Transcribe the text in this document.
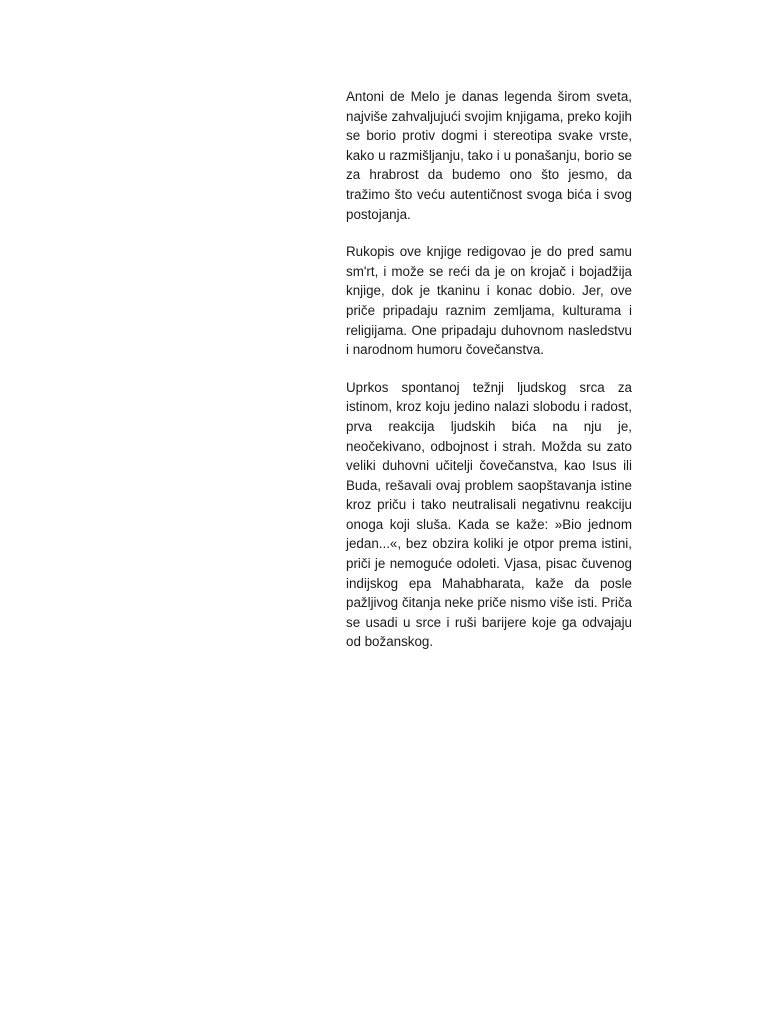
Antoni de Melo je danas legenda širom sveta, najviše zahvaljujući svojim knjigama, preko kojih se borio protiv dogmi i stereotipa svake vrste, kako u razmišljanju, tako i u ponašanju, borio se za hrabrost da budemo ono što jesmo, da tražimo što veću autentičnost svoga bića i svog postojanja.

Rukopis ove knjige redigovao je do pred samu sm'rt, i može se reći da je on krojač i bojadžija knjige, dok je tkaninu i konac dobio. Jer, ove priče pripadaju raznim zemljama, kulturama i religijama. One pripadaju duhovnom nasledstvu i narodnom humoru čovečanstva.

Uprkos spontanoj težnji ljudskog srca za istinom, kroz koju jedino nalazi slobodu i radost, prva reakcija ljudskih bića na nju je, neočekivano, odbojnost i strah. Možda su zato veliki duhovni učitelji čovečanstva, kao Isus ili Buda, rešavali ovaj problem saopštavanja istine kroz priču i tako neutralisali negativnu reakciju onoga koji sluša. Kada se kaže: »Bio jednom jedan...«, bez obzira koliki je otpor prema istini, priči je nemoguće odoleti. Vjasa, pisac čuvenog indijskog epa Mahabharata, kaže da posle pažljivog čitanja neke priče nismo više isti. Priča se usadi u srce i ruši barijere koje ga odvajaju od božanskog.
